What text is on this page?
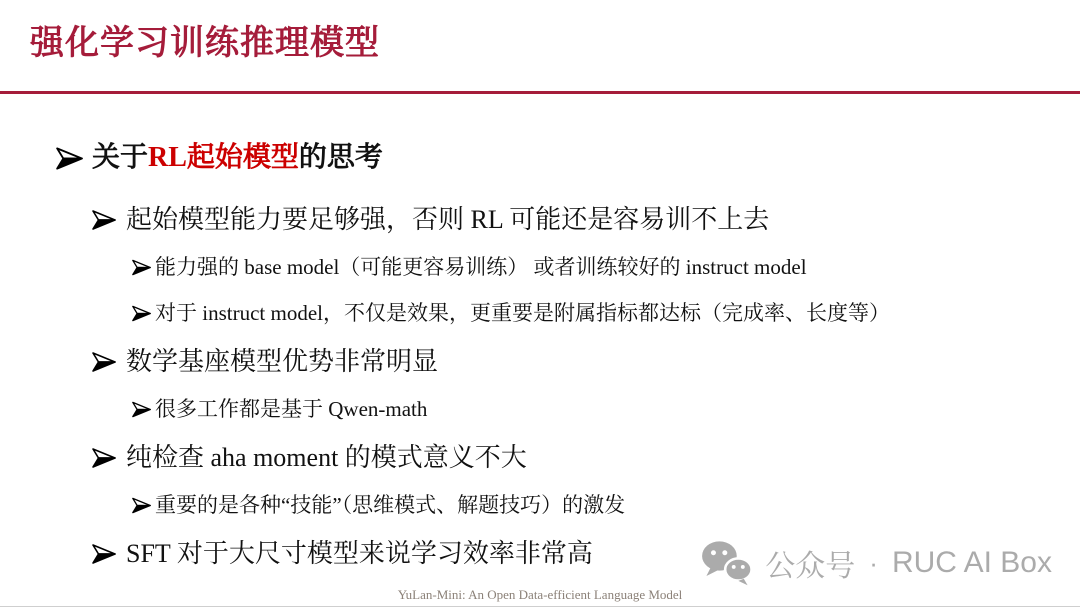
强化学习训练推理模型
关于RL起始模型的思考
起始模型能力要足够强，否则 RL 可能还是容易训不上去
能力强的 base model（可能更容易训练） 或者训练较好的 instruct model
对于 instruct model，不仅是效果，更重要是附属指标都达标（完成率、长度等）
数学基座模型优势非常明显
很多工作都是基于 Qwen-math
纯检查 aha moment 的模式意义不大
重要的是各种“技能”（思维模式、解题技巧）的激发
SFT 对于大尺寸模型来说学习效率非常高	公众号 · RUC AI Box
YuLan-Mini: An Open Data-efficient Language Model
